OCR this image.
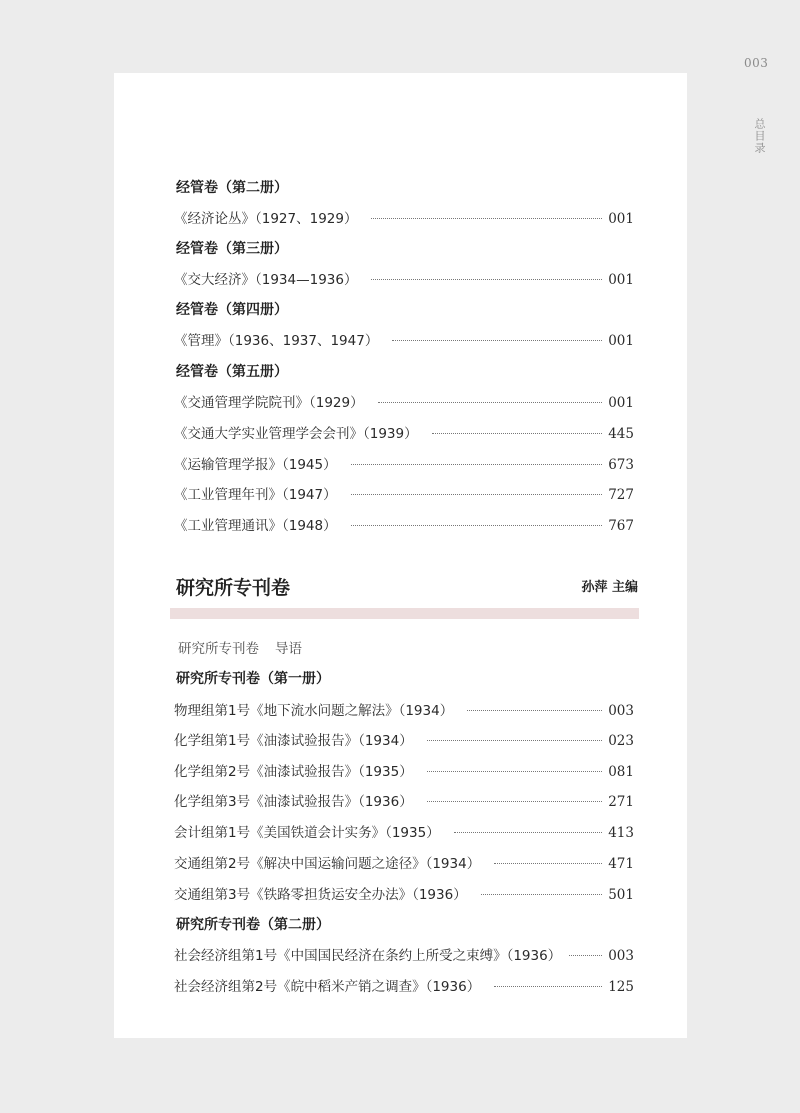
003
总目录
经管卷（第二册）
《经济论丛》（1927、1929）	001
经管卷（第三册）
《交大经济》（1934—1936）	001
经管卷（第四册）
《管理》（1936、1937、1947）	001
经管卷（第五册）
《交通管理学院院刊》（1929）	001
《交通大学实业管理学会会刊》（1939）	445
《运输管理学报》（1945）	673
《工业管理年刊》（1947）	727
《工业管理通讯》（1948）	767
研究所专刊卷	孙萍 主编
研究所专刊卷 导语
研究所专刊卷（第一册）
物理组第1号《地下流水问题之解法》（1934）	003
化学组第1号《油漆试验报告》（1934）	023
化学组第2号《油漆试验报告》（1935）	081
化学组第3号《油漆试验报告》（1936）	271
会计组第1号《美国铁道会计实务》（1935）	413
交通组第2号《解决中国运输问题之途径》（1934）	471
交通组第3号《铁路零担货运安全办法》（1936）	501
研究所专刊卷（第二册）
社会经济组第1号《中国国民经济在条约上所受之束缚》（1936）	003
社会经济组第2号《皖中稻米产销之调查》（1936）	125
